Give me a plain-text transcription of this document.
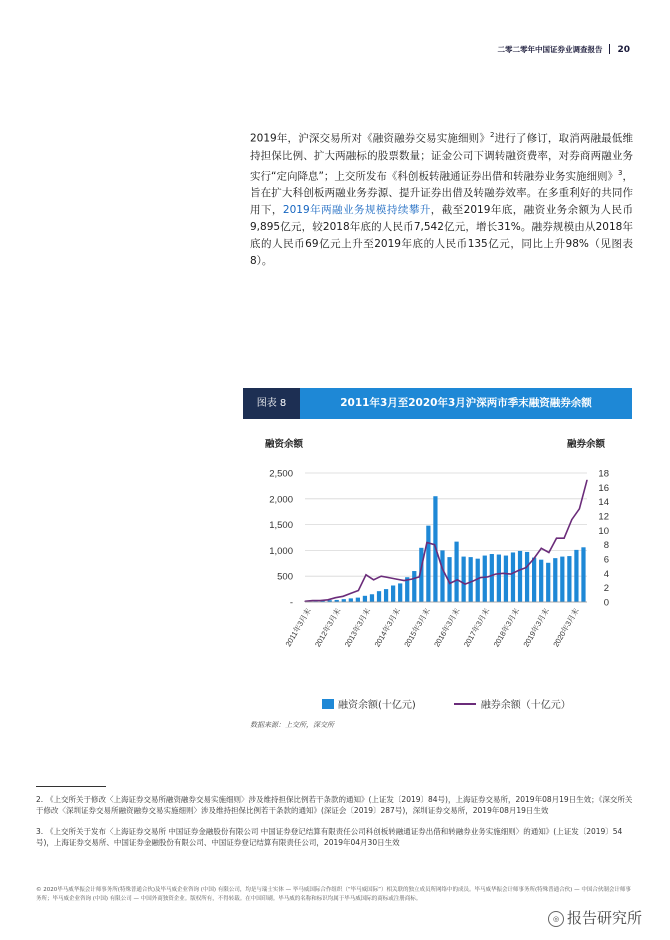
二零二零年中国证券业调查报告 20

2019年，沪深交易所对《融资融券交易实施细则》$^2$进行了修订，取消两融最低维持担保比例、扩大两融标的股票数量；证金公司下调转融资费率，对券商两融业务实行“定向降息”；上交所发布《科创板转融通证券出借和转融券业务实施细则》$^3$，旨在扩大科创板两融业务券源、提升证券出借及转融券效率。在多重利好的共同作用下，2019年两融业务规模持续攀升，截至2019年底，融资业务余额为人民币9,895亿元，较2018年底的人民币7,542亿元，增长31%。融券规模由从2018年底的人民币69亿元上升至2019年底的人民币135亿元，同比上升98%（见图表8）。

图表 8	2011年3月至2020年3月沪深两市季末融资融券余额
融资余额	融券余额
-
500
1,000
1,500
2,000
2,500
0
2
4
6
8
10
12
14
16
18
2011年3月末 2012年3月末 2013年3月末 2014年3月末 2015年3月末 2016年3月末 2017年3月末 2018年3月末 2019年3月末 2020年3月末
融资余额(十亿元)	融券余额（十亿元）
数据来源：上交所，深交所
2. 《上交所关于修改〈上海证券交易所融资融券交易实施细则〉涉及维持担保比例若干条款的通知》(上证发〔2019〕84号)，上海证券交易所，2019年08月19日生效；《深交所关于修改〈深圳证券交易所融资融券交易实施细则〉涉及维持担保比例若干条款的通知》(深证会〔2019〕287号)，深圳证券交易所，2019年08月19日生效
3. 《上交所关于发布〈上海证券交易所 中国证券金融股份有限公司 中国证券登记结算有限责任公司科创板转融通证券出借和转融券业务实施细则〉的通知》(上证发〔2019〕54号)，上海证券交易所、中国证券金融股份有限公司、中国证券登记结算有限责任公司，2019年04月30日生效
© 2020毕马威华振会计师事务所(特殊普通合伙)及毕马威企业咨询 (中国) 有限公司，均是与瑞士实体 — 毕马威国际合作组织（“毕马威国际”）相关联的独立成员所网络中的成员。毕马威华振会计师事务所(特殊普通合伙) — 中国合伙制会计师事务所；毕马威企业咨询 (中国) 有限公司 — 中国外商独资企业。版权所有，不得转载。在中国印刷。毕马威的名称和标识均属于毕马威国际的商标或注册商标。
◎ 报告研究所
